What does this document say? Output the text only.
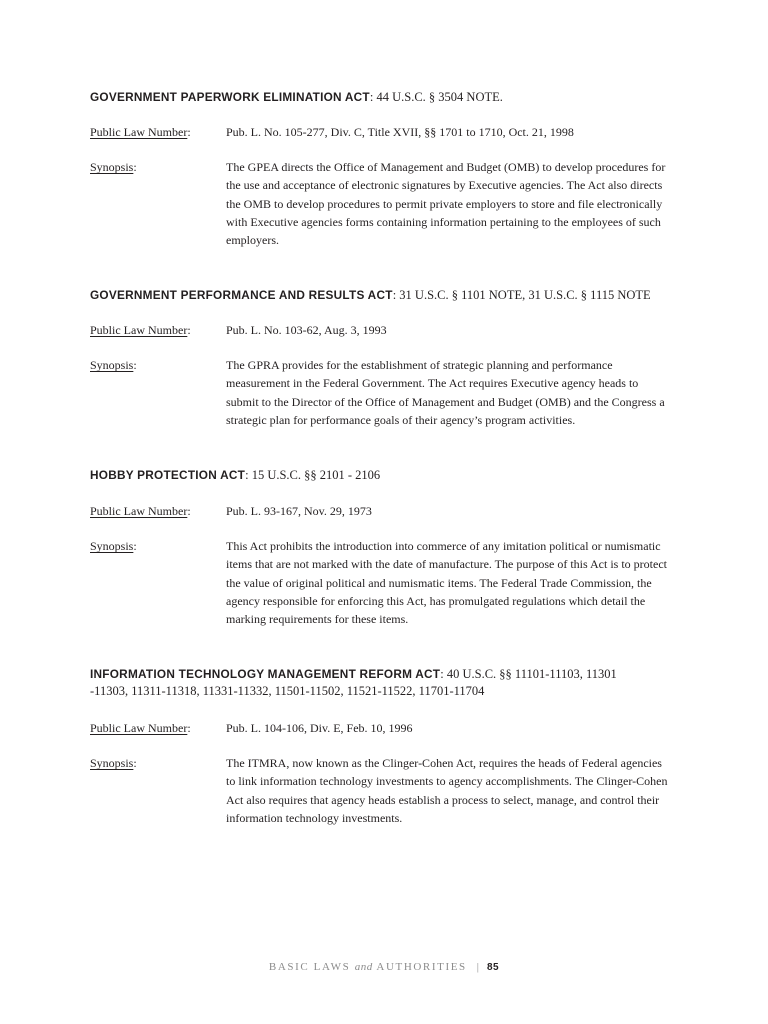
GOVERNMENT PAPERWORK ELIMINATION ACT: 44 U.S.C. § 3504 NOTE.

Public Law Number:	Pub. L. No. 105-277, Div. C, Title XVII, §§ 1701 to 1710, Oct. 21, 1998
Synopsis:	The GPEA directs the Office of Management and Budget (OMB) to develop procedures for
the use and acceptance of electronic signatures by Executive agencies. The Act also directs
the OMB to develop procedures to permit private employers to store and file electronically
with Executive agencies forms containing information pertaining to the employees of such
employers.

GOVERNMENT PERFORMANCE AND RESULTS ACT: 31 U.S.C. § 1101 NOTE, 31 U.S.C. § 1115 NOTE

Public Law Number:	Pub. L. No. 103-62, Aug. 3, 1993
Synopsis:	The GPRA provides for the establishment of strategic planning and performance
measurement in the Federal Government. The Act requires Executive agency heads to
submit to the Director of the Office of Management and Budget (OMB) and the Congress a
strategic plan for performance goals of their agency’s program activities.

HOBBY PROTECTION ACT: 15 U.S.C. §§ 2101 - 2106

Public Law Number:	Pub. L. 93-167, Nov. 29, 1973
Synopsis:	This Act prohibits the introduction into commerce of any imitation political or numismatic
items that are not marked with the date of manufacture. The purpose of this Act is to protect
the value of original political and numismatic items. The Federal Trade Commission, the
agency responsible for enforcing this Act, has promulgated regulations which detail the
marking requirements for these items.

INFORMATION TECHNOLOGY MANAGEMENT REFORM ACT: 40 U.S.C. §§ 11101-11103, 11301
-11303, 11311-11318, 11331-11332, 11501-11502, 11521-11522, 11701-11704

Public Law Number:	Pub. L. 104-106, Div. E, Feb. 10, 1996
Synopsis:	The ITMRA, now known as the Clinger-Cohen Act, requires the heads of Federal agencies
to link information technology investments to agency accomplishments. The Clinger-Cohen
Act also requires that agency heads establish a process to select, manage, and control their
information technology investments.
BASIC LAWS and AUTHORITIES | 85
